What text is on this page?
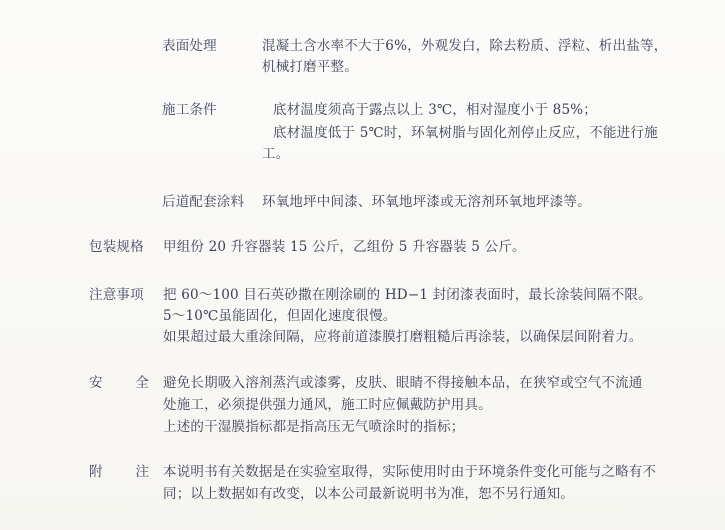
表面处理	混凝土含水率不大于6%，外观发白，除去粉质、浮粒、析出盐等，
机械打磨平整。
施工条件	底材温度须高于露点以上 3℃，相对湿度小于 85%；
底材温度低于 5℃时，环氧树脂与固化剂停止反应，不能进行施
工。
后道配套涂料 环氧地坪中间漆、环氧地坪漆或无溶剂环氧地坪漆等。
包装规格 甲组份 20 升容器装 15 公斤，乙组份 5 升容器装 5 公斤。
注意事项 把 60～100 目石英砂撒在刚涂刷的 HD−1 封闭漆表面时，最长涂装间隔不限。
5～10℃虽能固化，但固化速度很慢。
如果超过最大重涂间隔，应将前道漆膜打磨粗糙后再涂装，以确保层间附着力。
安全
避免长期吸入溶剂蒸汽或漆雾，皮肤、眼睛不得接触本品，在狭窄或空气不流通
处施工，必须提供强力通风，施工时应佩戴防护用具。
上述的干湿膜指标都是指高压无气喷涂时的指标；
附注
本说明书有关数据是在实验室取得，实际使用时由于环境条件变化可能与之略有不
同；以上数据如有改变，以本公司最新说明书为准，恕不另行通知。
